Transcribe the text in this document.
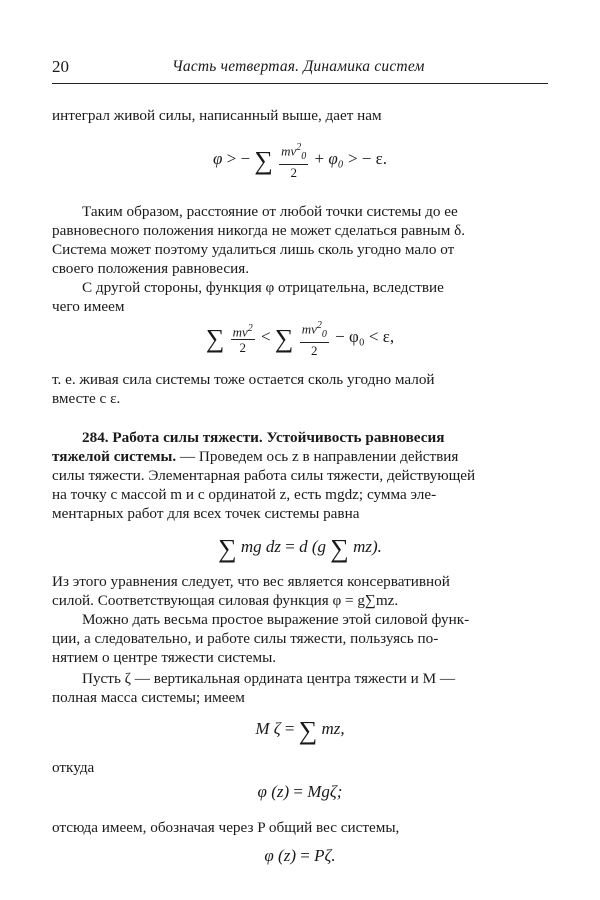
20	Часть четвертая. Динамика систем
интеграл живой силы, написанный выше, дает нам
φ > − ∑ $\frac{mv^2_0}{2} + \varphi_0$ > − ε.
Таким образом, расстояние от любой точки системы до ее
равновесного положения никогда не может сделаться равным δ.
Система может поэтому удалиться лишь сколь угодно мало от
своего положения равновесия.
С другой стороны, функция φ отрицательна, вследствие
чего имеем
∑ $\frac{mv^2}{2}$ < ∑ $\frac{mv^2_0}{2} - \varphi_0 < \varepsilon$,
т. е. живая сила системы тоже остается сколь угодно малой
вместе с ε.
284. Работа силы тяжести. Устойчивость равновесия
тяжелой системы. — Проведем ось z в направлении действия
силы тяжести. Элементарная работа силы тяжести, действующей
на точку с массой m и с ординатой z, есть mgdz; сумма эле-
ментарных работ для всех точек системы равна
∑ mg dz = d (g ∑ mz).
Из этого уравнения следует, что вес является консервативной
силой. Соответствующая силовая функция φ = g∑mz.
Можно дать весьма простое выражение этой силовой функ-
ции, а следовательно, и работе силы тяжести, пользуясь по-
нятием о центре тяжести системы.
Пусть ζ — вертикальная ордината центра тяжести и M —
полная масса системы; имеем
M ζ = ∑ mz,
откуда
φ (z) = Mgζ;
отсюда имеем, обозначая через P общий вес системы,
φ (z) = Pζ.
